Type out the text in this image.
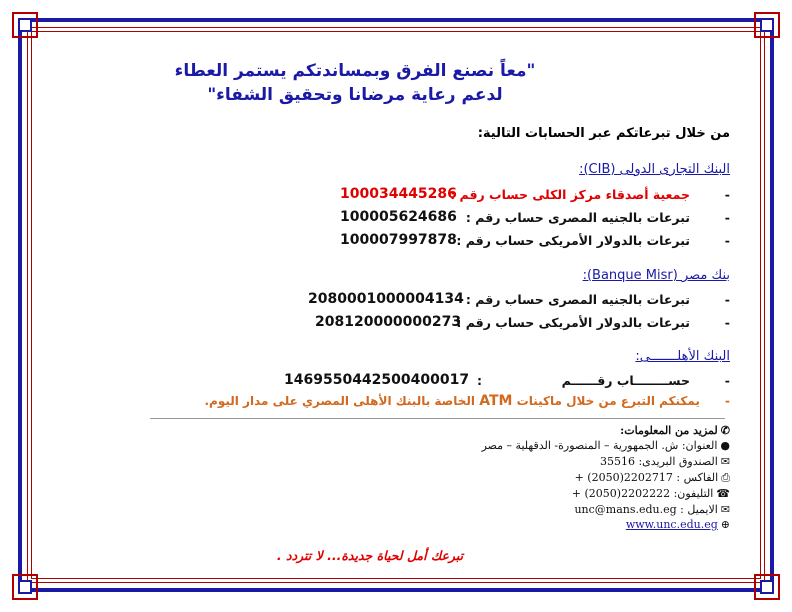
"معاً نصنع الفرق وبمساندتكم يستمر العطاء
لدعم رعاية مرضانا وتحقيق الشفاء"
من خلال تبرعاتكم عبر الحسابات التالية:
البنك التجارى الدولى (CIB):
جمعية أصدقاء مركز الكلى حساب رقم :	-
100034445286
تبرعات بالجنيه المصرى حساب رقم :	-
100005624686
تبرعات بالدولار الأمريكى حساب رقم :	-
100007997878
بنك مصر (Banque Misr):
تبرعات بالجنيه المصرى حساب رقم :	-
2080001000004134
تبرعات بالدولار الأمريكى حساب رقم :	-
208120000000273
البنك الأهلـــــــى:
حســــــــاب رقــــــم	-
:
1469550442500400017
-      يمكنكم التبرع من خلال ماكينات ATM الخاصة بالبنك الأهلى المصري على مدار اليوم.
✆لمزيد من المعلومات:
●العنوان: ش. الجمهورية – المنصورة- الدقهلية – مصر
✉الصندوق البريدى: 35516
⎙الفاكس : 2202717(2050) +
☎التليفون: 2202222(2050) +
✉الايميل : unc@mans.edu.eg
⊕www.unc.edu.eg
تبرعك أمل لحياة جديدة... لا تتردد .
